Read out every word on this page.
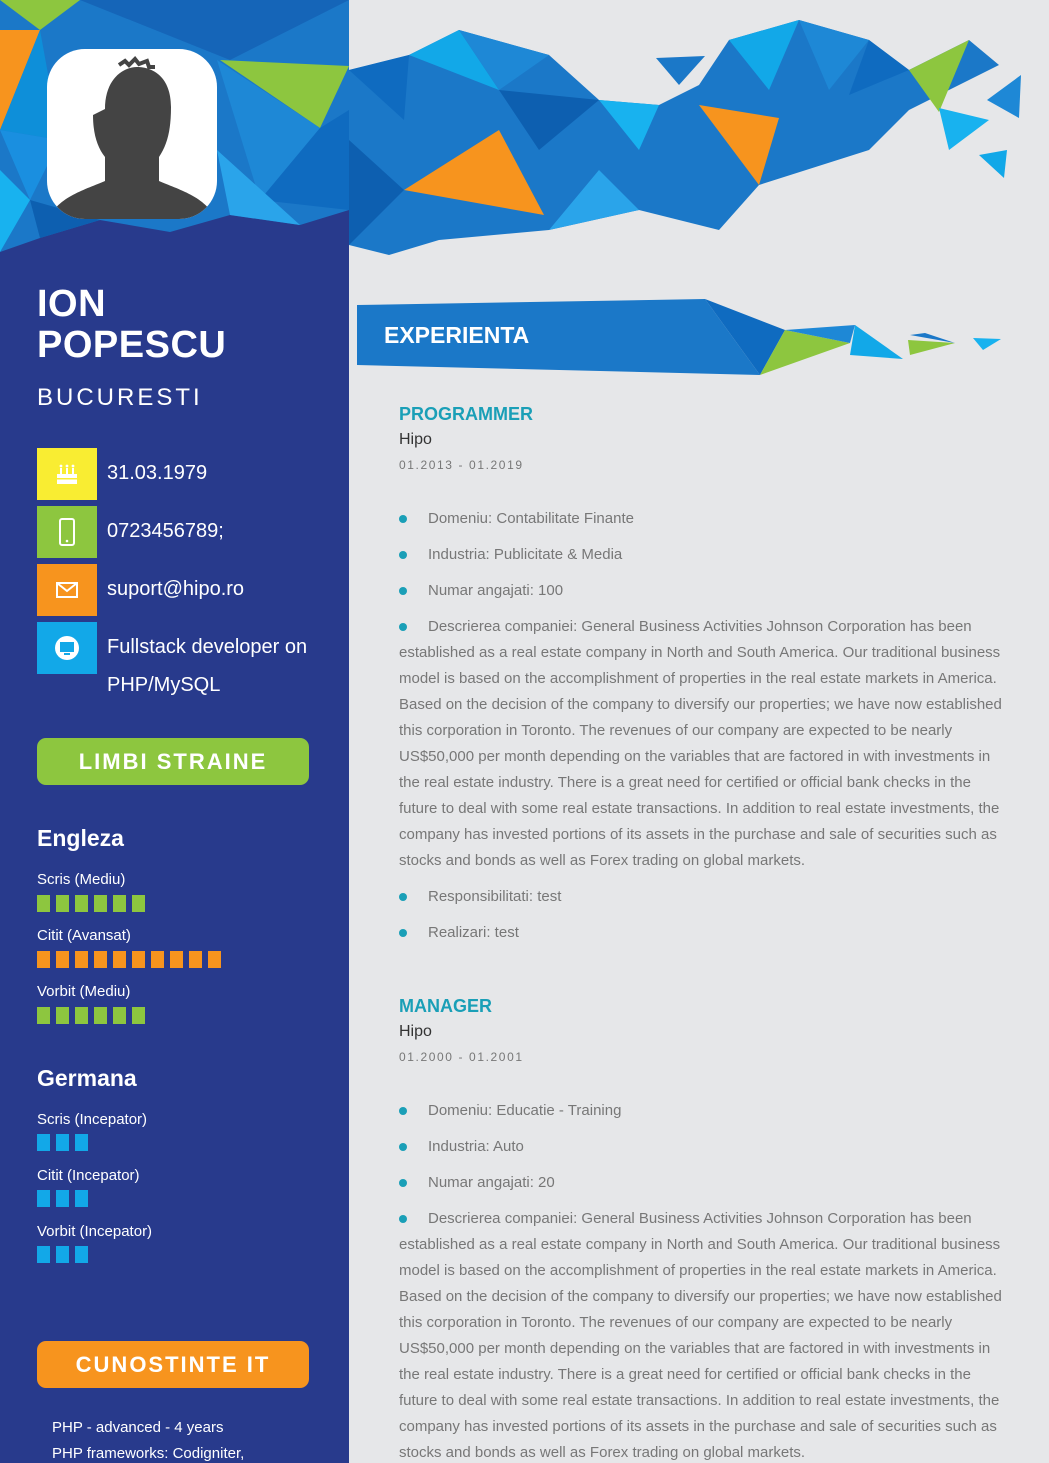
ION
POPESCU
BUCURESTI
31.03.1979
0723456789;
suport@hipo.ro
Fullstack developer on PHP/MySQL
LIMBI STRAINE
Engleza
Scris (Mediu)
Citit (Avansat)
Vorbit (Mediu)
Germana
Scris (Incepator)
Citit (Incepator)
Vorbit (Incepator)
CUNOSTINTE IT
PHP - advanced - 4 years
PHP frameworks: Codigniter,
EXPERIENTA
PROGRAMMER
Hipo
01.2013 - 01.2019
Domeniu: Contabilitate Finante
Industria: Publicitate & Media
Numar angajati: 100
Descrierea companiei: General Business Activities Johnson Corporation has been established as a real estate company in North and South America. Our traditional business model is based on the accomplishment of properties in the real estate markets in America. Based on the decision of the company to diversify our properties; we have now established this corporation in Toronto. The revenues of our company are expected to be nearly US$50,000 per month depending on the variables that are factored in with investments in the real estate industry. There is a great need for certified or official bank checks in the future to deal with some real estate transactions. In addition to real estate investments, the company has invested portions of its assets in the purchase and sale of securities such as stocks and bonds as well as Forex trading on global markets.
Responsibilitati: test
Realizari: test
MANAGER
Hipo
01.2000 - 01.2001
Domeniu: Educatie - Training
Industria: Auto
Numar angajati: 20
Descrierea companiei: General Business Activities Johnson Corporation has been established as a real estate company in North and South America. Our traditional business model is based on the accomplishment of properties in the real estate markets in America. Based on the decision of the company to diversify our properties; we have now established this corporation in Toronto. The revenues of our company are expected to be nearly US$50,000 per month depending on the variables that are factored in with investments in the real estate industry. There is a great need for certified or official bank checks in the future to deal with some real estate transactions. In addition to real estate investments, the company has invested portions of its assets in the purchase and sale of securities such as stocks and bonds as well as Forex trading on global markets.
